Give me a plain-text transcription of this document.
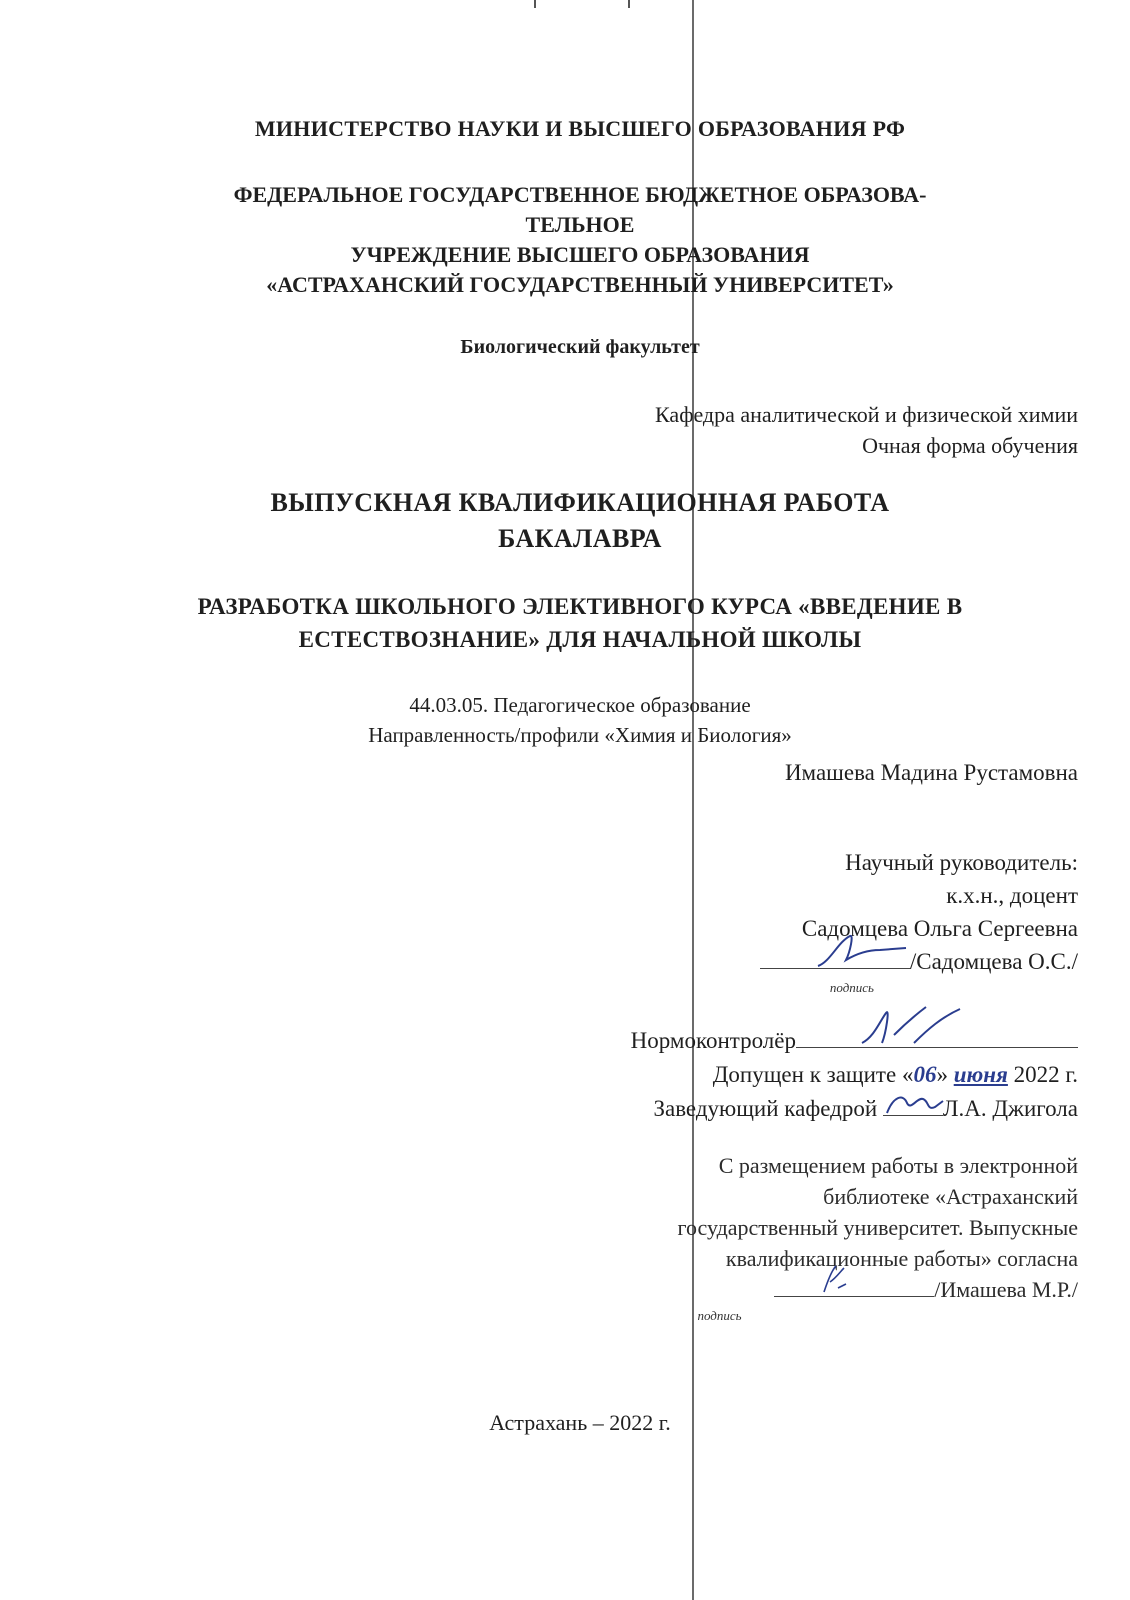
МИНИСТЕРСТВО НАУКИ И ВЫСШЕГО ОБРАЗОВАНИЯ РФ
ФЕДЕРАЛЬНОЕ ГОСУДАРСТВЕННОЕ БЮДЖЕТНОЕ ОБРАЗОВА-
ТЕЛЬНОЕ
УЧРЕЖДЕНИЕ ВЫСШЕГО ОБРАЗОВАНИЯ
«АСТРАХАНСКИЙ ГОСУДАРСТВЕННЫЙ УНИВЕРСИТЕТ»
Биологический факультет
Кафедра аналитической и физической химии
Очная форма обучения
ВЫПУСКНАЯ КВАЛИФИКАЦИОННАЯ РАБОТА
БАКАЛАВРА
РАЗРАБОТКА ШКОЛЬНОГО ЭЛЕКТИВНОГО КУРСА «ВВЕДЕНИЕ В
ЕСТЕСТВОЗНАНИЕ» ДЛЯ НАЧАЛЬНОЙ ШКОЛЫ
44.03.05. Педагогическое образование
Направленность/профили «Химия и Биология»
Имашева Мадина Рустамовна
Научный руководитель:
к.х.н., доцент
Садомцева Ольга Сергеевна
/Садомцева О.С./
подпись
Нормоконтролёр
Допущен к защите «06» июня 2022 г.
Заведующий кафедрой	Л.А. Джигола
С размещением работы в электронной
библиотеке «Астраханский
государственный университет. Выпускные
квалификационные работы» согласна
/Имашева М.Р./
подпись
Астрахань – 2022 г.
